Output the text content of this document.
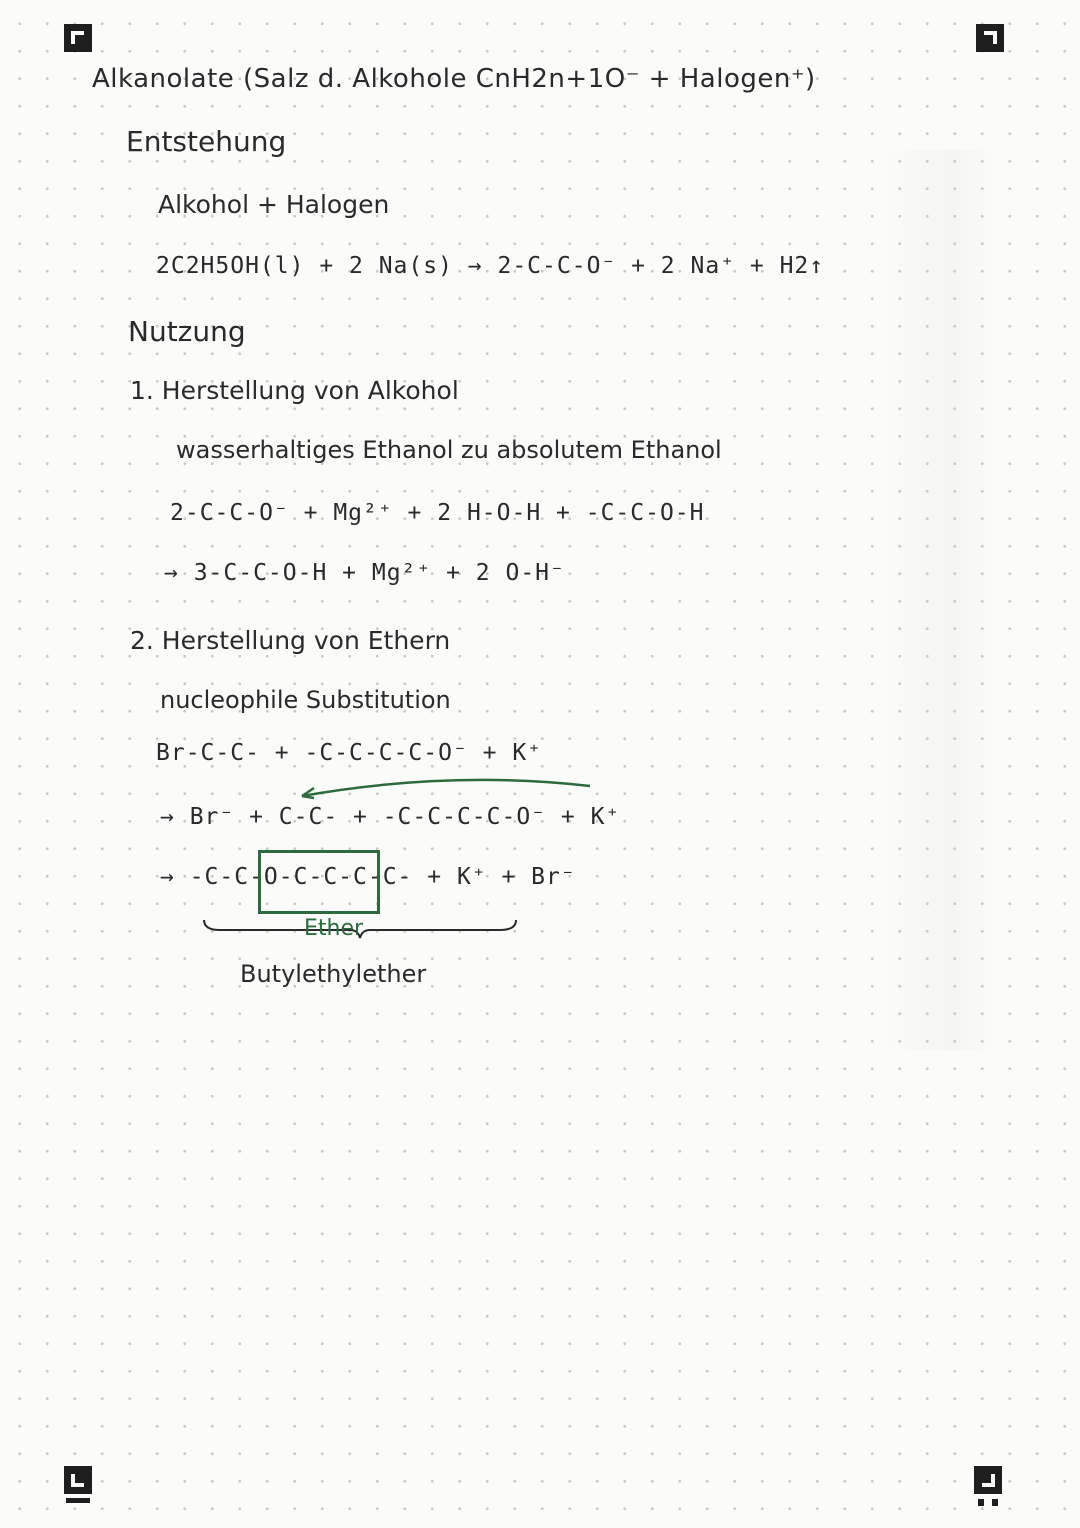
Alkanolate (Salz d. Alkohole CnH2n+1O⁻ + Halogen⁺)
Entstehung
Alkohol + Halogen
2C2H5OH(l) + 2 Na(s) → 2-C-C-O⁻ + 2 Na⁺ + H2↑
Nutzung
1. Herstellung von Alkohol
wasserhaltiges Ethanol zu absolutem Ethanol
2-C-C-O⁻ + Mg²⁺ + 2 H-O-H + -C-C-O-H
→ 3-C-C-O-H + Mg²⁺ + 2 O-H⁻
2. Herstellung von Ethern
nucleophile Substitution
Br-C-C- + -C-C-C-C-O⁻ + K⁺
→ Br⁻ + C-C- + -C-C-C-C-O⁻ + K⁺
→ -C-C-O-C-C-C-C- + K⁺ + Br⁻
Ether
Butylethylether
